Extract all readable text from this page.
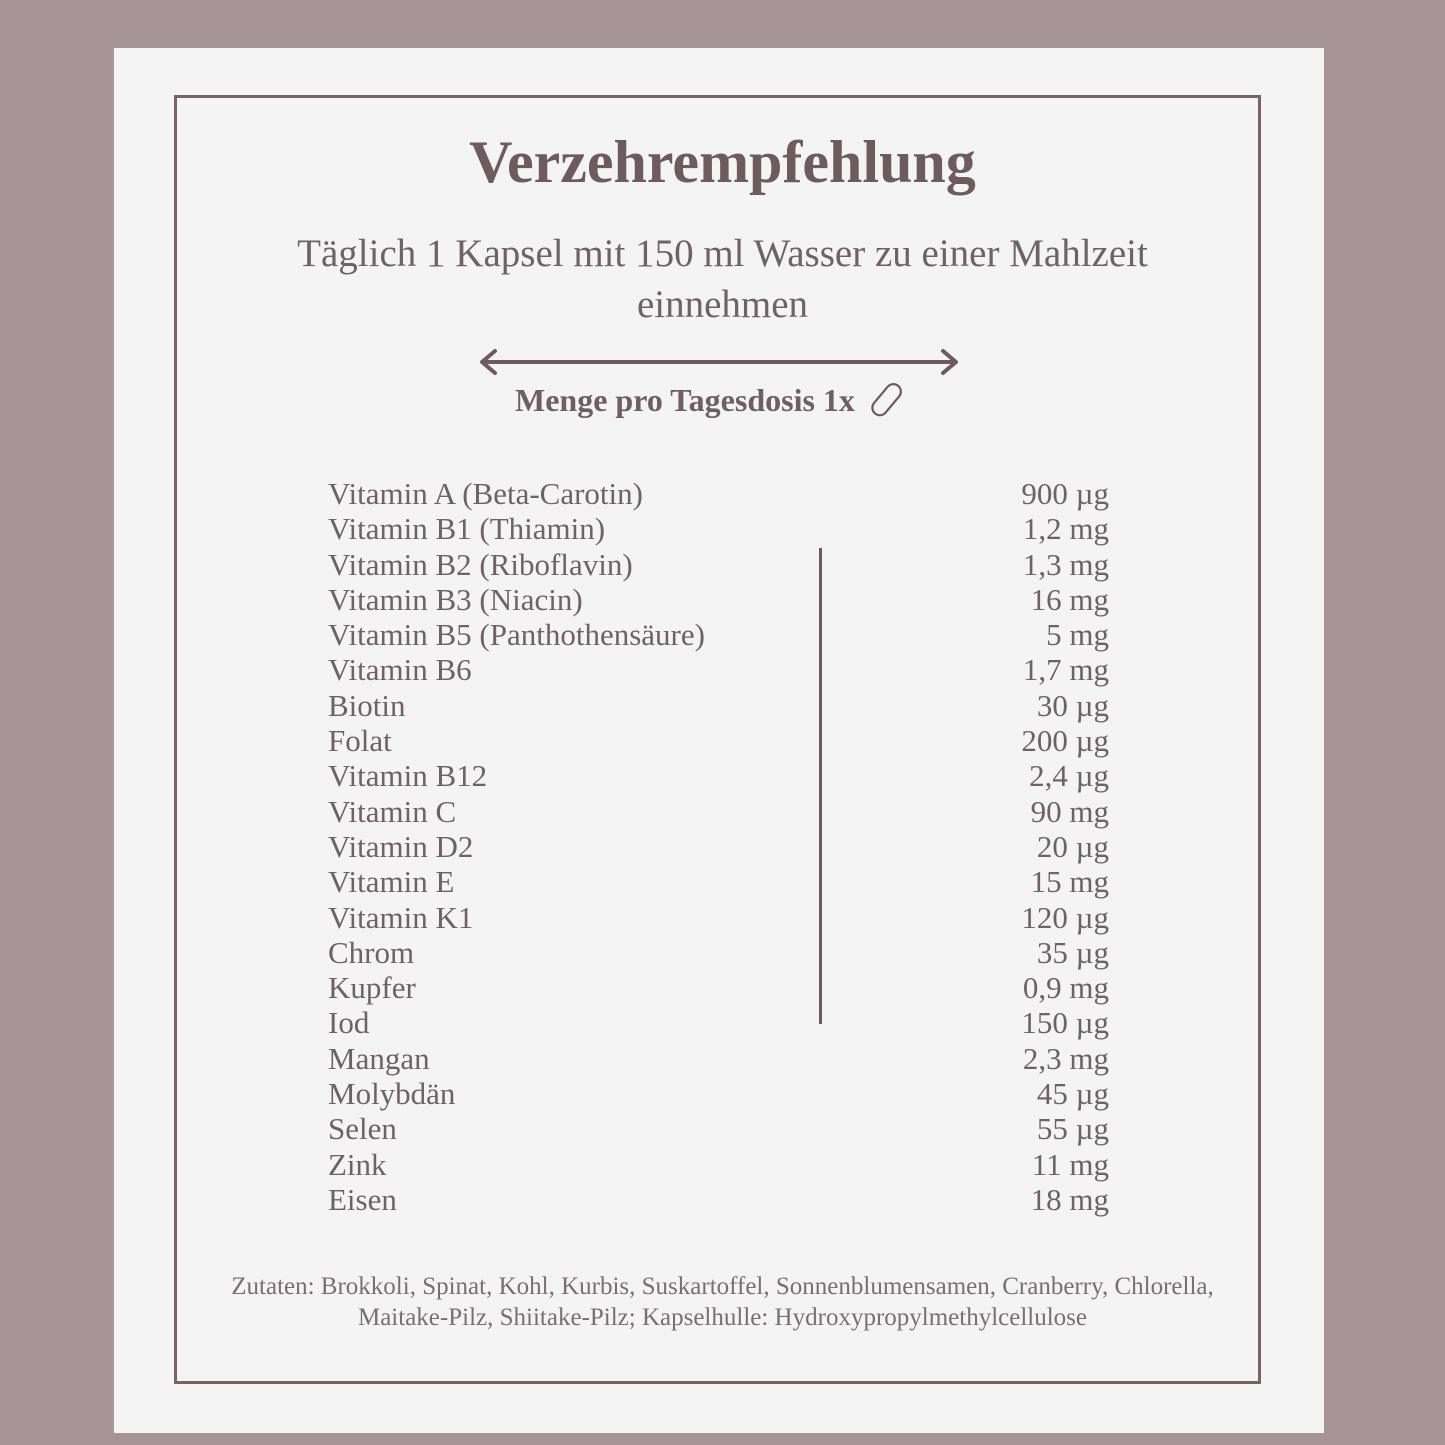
Verzehrempfehlung
Täglich 1 Kapsel mit 150 ml Wasser zu einer Mahlzeit einnehmen
Menge pro Tagesdosis 1x
Vitamin A (Beta-Carotin)
Vitamin B1 (Thiamin)
Vitamin B2 (Riboflavin)
Vitamin B3 (Niacin)
Vitamin B5 (Panthothensäure)
Vitamin B6
Biotin
Folat
Vitamin B12
Vitamin C
Vitamin D2
Vitamin E
Vitamin K1
Chrom
Kupfer
Iod
Mangan
Molybdän
Selen
Zink
Eisen
900 µg
1,2 mg
1,3 mg
16 mg
5 mg
1,7 mg
30 µg
200 µg
2,4 µg
90 mg
20 µg
15 mg
120 µg
35 µg
0,9 mg
150 µg
2,3 mg
45 µg
55 µg
11 mg
18 mg
Zutaten: Brokkoli, Spinat, Kohl, Kurbis, Suskartoffel, Sonnenblumensamen, Cranberry, Chlorella, Maitake-Pilz, Shiitake-Pilz; Kapselhulle: Hydroxypropylmethylcellulose
